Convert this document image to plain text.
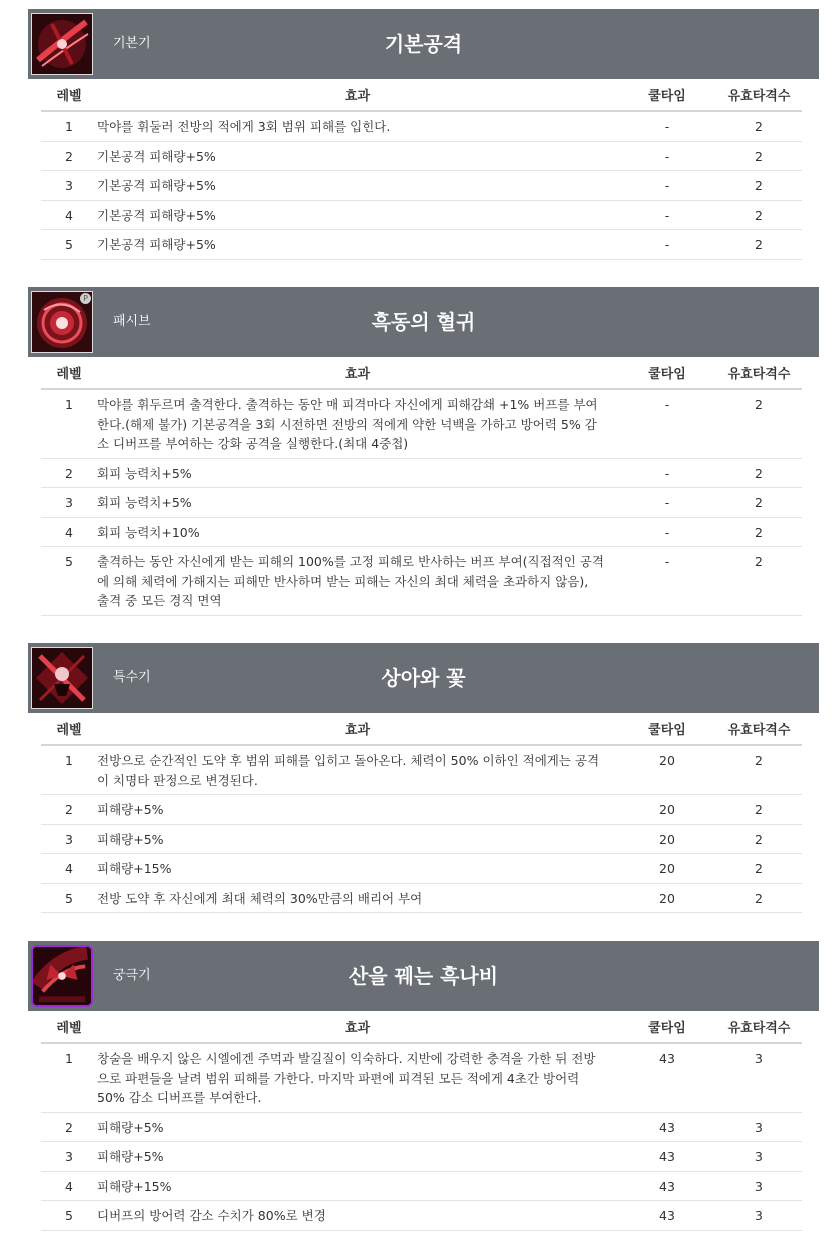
기본기	기본공격
레벨	효과	쿨타임	유효타격수
1	막야를 휘둘러 전방의 적에게 3회 범위 피해를 입힌다.	-	2
2	기본공격 피해량+5%	-	2
3	기본공격 피해량+5%	-	2
4	기본공격 피해량+5%	-	2
5	기본공격 피해량+5%	-	2
P
패시브	흑동의 혈귀
레벨	효과	쿨타임	유효타격수
1	막야를 휘두르며 출격한다. 출격하는 동안 매 피격마다 자신에게 피해감쇄 +1% 버프를 부여한다.(해제 불가) 기본공격을 3회 시전하면 전방의 적에게 약한 넉백을 가하고 방어력 5% 감소 디버프를 부여하는 강화 공격을 실행한다.(최대 4중첩)	-	2
2	회피 능력치+5%	-	2
3	회피 능력치+5%	-	2
4	회피 능력치+10%	-	2
5	출격하는 동안 자신에게 받는 피해의 100%를 고정 피해로 반사하는 버프 부여(직접적인 공격에 의해 체력에 가해지는 피해만 반사하며 받는 피해는 자신의 최대 체력을 초과하지 않음), 출격 중 모든 경직 면역	-	2
특수기	상아와 꽃
레벨	효과	쿨타임	유효타격수
1	전방으로 순간적인 도약 후 범위 피해를 입히고 돌아온다. 체력이 50% 이하인 적에게는 공격이 치명타 판정으로 변경된다.	20	2
2	피해량+5%	20	2
3	피해량+5%	20	2
4	피해량+15%	20	2
5	전방 도약 후 자신에게 최대 체력의 30%만큼의 배리어 부여	20	2
궁극기	산을 꿰는 흑나비
레벨	효과	쿨타임	유효타격수
1	창술을 배우지 않은 시엘에겐 주먹과 발길질이 익숙하다. 지반에 강력한 충격을 가한 뒤 전방으로 파편들을 날려 범위 피해를 가한다. 마지막 파편에 피격된 모든 적에게 4초간 방어력 50% 감소 디버프를 부여한다.	43	3
2	피해량+5%	43	3
3	피해량+5%	43	3
4	피해량+15%	43	3
5	디버프의 방어력 감소 수치가 80%로 변경	43	3
